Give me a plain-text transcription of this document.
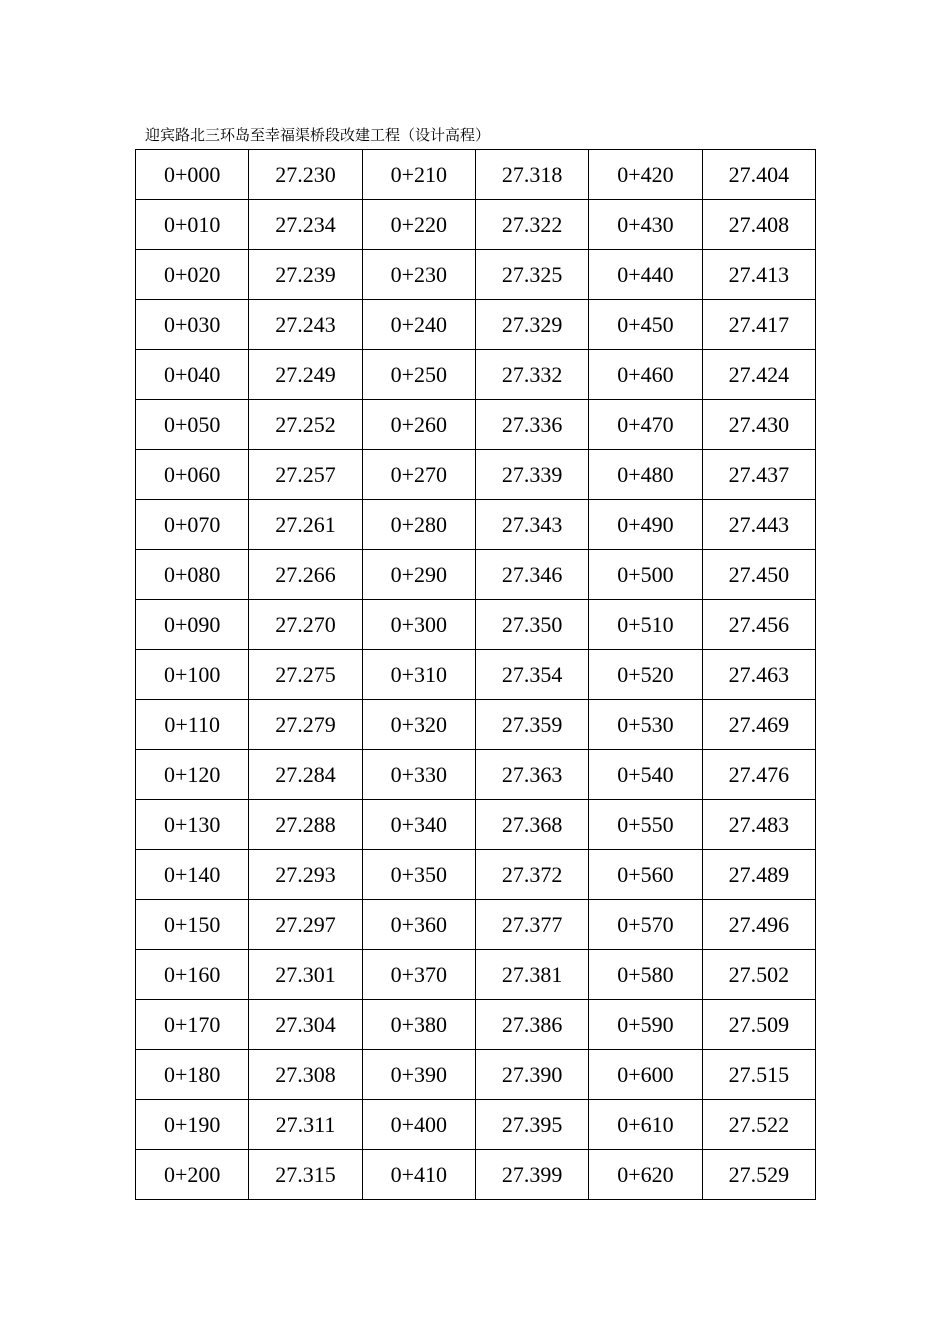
迎宾路北三环岛至幸福渠桥段改建工程（设计高程）
0+000	27.230	0+210	27.318	0+420	27.404
0+010	27.234	0+220	27.322	0+430	27.408
0+020	27.239	0+230	27.325	0+440	27.413
0+030	27.243	0+240	27.329	0+450	27.417
0+040	27.249	0+250	27.332	0+460	27.424
0+050	27.252	0+260	27.336	0+470	27.430
0+060	27.257	0+270	27.339	0+480	27.437
0+070	27.261	0+280	27.343	0+490	27.443
0+080	27.266	0+290	27.346	0+500	27.450
0+090	27.270	0+300	27.350	0+510	27.456
0+100	27.275	0+310	27.354	0+520	27.463
0+110	27.279	0+320	27.359	0+530	27.469
0+120	27.284	0+330	27.363	0+540	27.476
0+130	27.288	0+340	27.368	0+550	27.483
0+140	27.293	0+350	27.372	0+560	27.489
0+150	27.297	0+360	27.377	0+570	27.496
0+160	27.301	0+370	27.381	0+580	27.502
0+170	27.304	0+380	27.386	0+590	27.509
0+180	27.308	0+390	27.390	0+600	27.515
0+190	27.311	0+400	27.395	0+610	27.522
0+200	27.315	0+410	27.399	0+620	27.529
